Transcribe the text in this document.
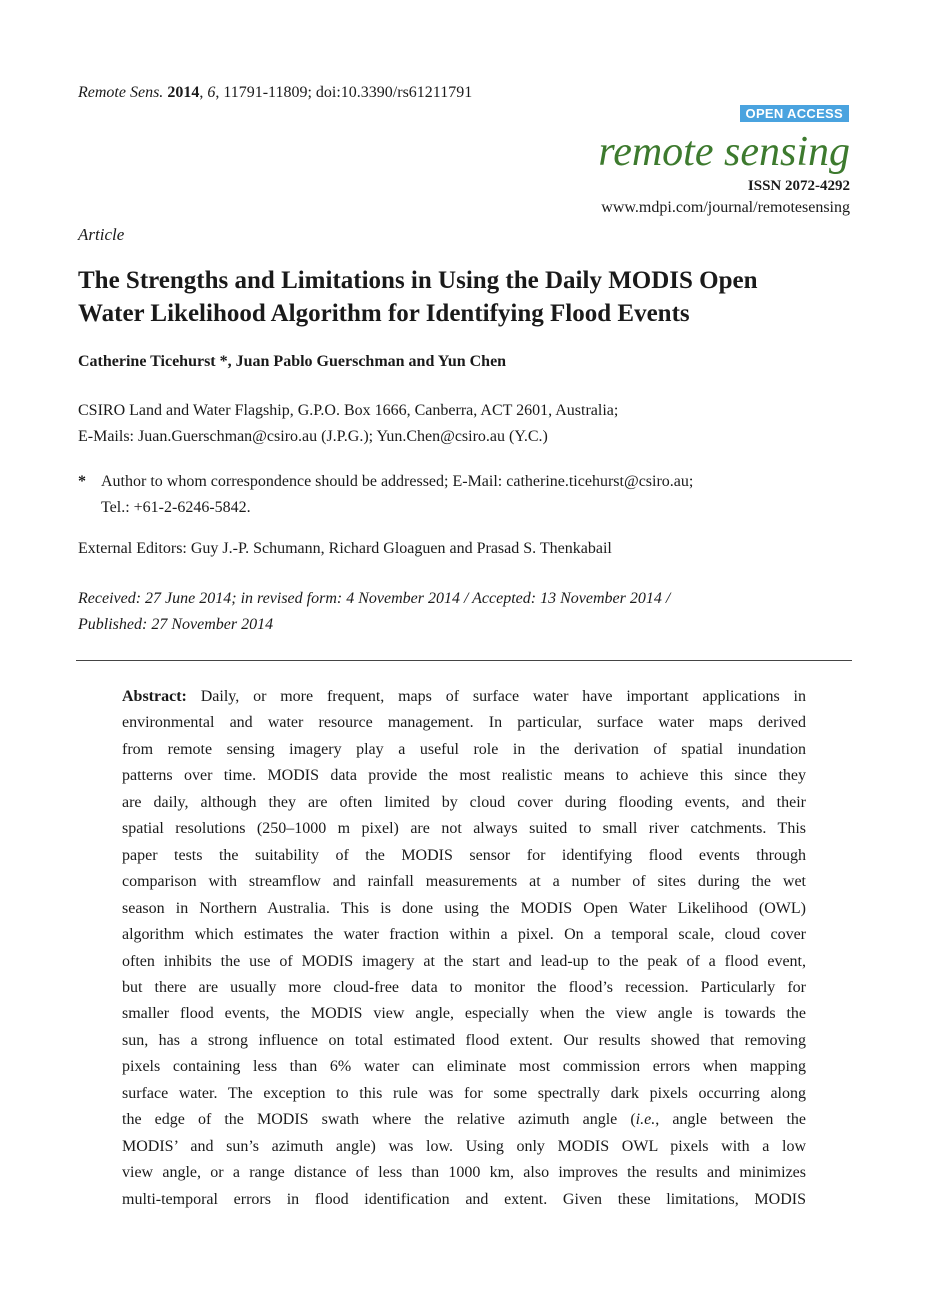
Remote Sens. 2014, 6, 11791-11809; doi:10.3390/rs61211791
OPEN ACCESS
remote sensing
ISSN 2072-4292
www.mdpi.com/journal/remotesensing
Article
The Strengths and Limitations in Using the Daily MODIS Open
Water Likelihood Algorithm for Identifying Flood Events
Catherine Ticehurst *, Juan Pablo Guerschman and Yun Chen
CSIRO Land and Water Flagship, G.P.O. Box 1666, Canberra, ACT 2601, Australia;
E-Mails: Juan.Guerschman@csiro.au (J.P.G.); Yun.Chen@csiro.au (Y.C.)
* Author to whom correspondence should be addressed; E-Mail: catherine.ticehurst@csiro.au;
Tel.: +61-2-6246-5842.
External Editors: Guy J.-P. Schumann, Richard Gloaguen and Prasad S. Thenkabail
Received: 27 June 2014; in revised form: 4 November 2014 / Accepted: 13 November 2014 /
Published: 27 November 2014
Abstract: Daily, or more frequent, maps of surface water have important applications in
environmental and water resource management. In particular, surface water maps derived
from remote sensing imagery play a useful role in the derivation of spatial inundation
patterns over time. MODIS data provide the most realistic means to achieve this since they
are daily, although they are often limited by cloud cover during flooding events, and their
spatial resolutions (250–1000 m pixel) are not always suited to small river catchments. This
paper tests the suitability of the MODIS sensor for identifying flood events through
comparison with streamflow and rainfall measurements at a number of sites during the wet
season in Northern Australia. This is done using the MODIS Open Water Likelihood (OWL)
algorithm which estimates the water fraction within a pixel. On a temporal scale, cloud cover
often inhibits the use of MODIS imagery at the start and lead-up to the peak of a flood event,
but there are usually more cloud-free data to monitor the flood’s recession. Particularly for
smaller flood events, the MODIS view angle, especially when the view angle is towards the
sun, has a strong influence on total estimated flood extent. Our results showed that removing
pixels containing less than 6% water can eliminate most commission errors when mapping
surface water. The exception to this rule was for some spectrally dark pixels occurring along
the edge of the MODIS swath where the relative azimuth angle (i.e., angle between the
MODIS’ and sun’s azimuth angle) was low. Using only MODIS OWL pixels with a low
view angle, or a range distance of less than 1000 km, also improves the results and minimizes
multi-temporal errors in flood identification and extent. Given these limitations, MODIS
